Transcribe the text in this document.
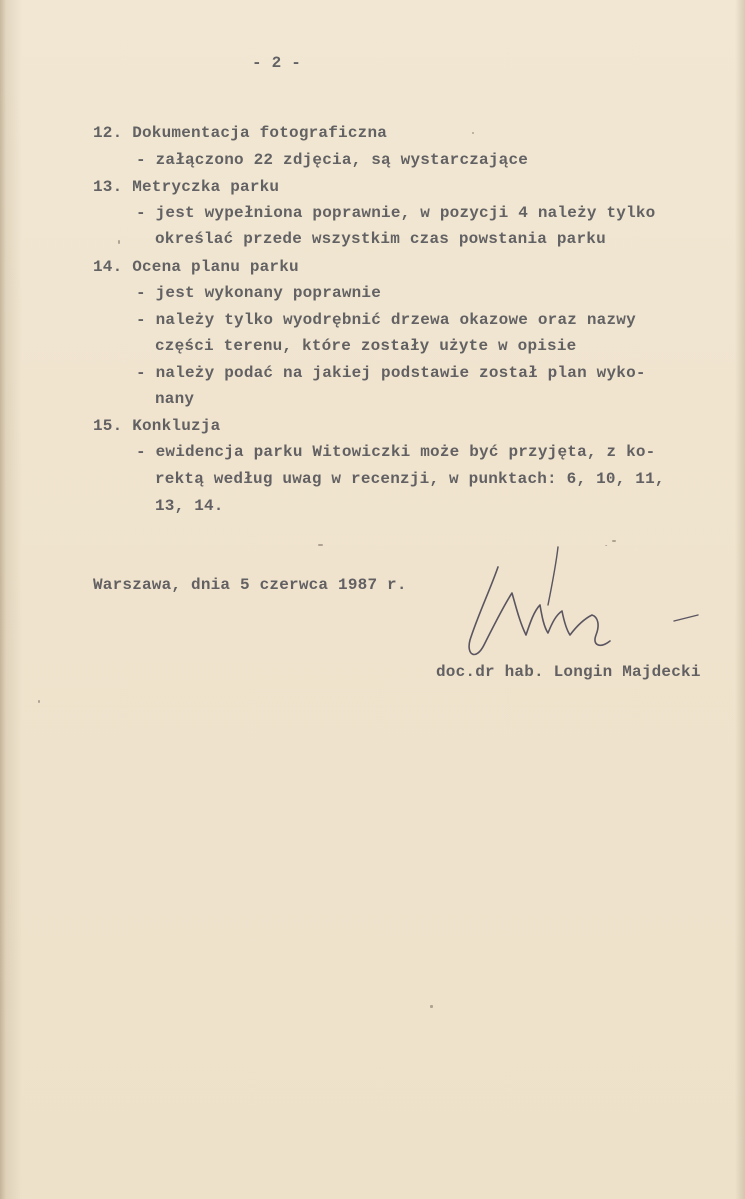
- 2 -
12. Dokumentacja fotograficzna
- załączono 22 zdjęcia, są wystarczające
13. Metryczka parku
- jest wypełniona poprawnie, w pozycji 4 należy tylko
określać przede wszystkim czas powstania parku
14. Ocena planu parku
- jest wykonany poprawnie
- należy tylko wyodrębnić drzewa okazowe oraz nazwy
części terenu, które zostały użyte w opisie
- należy podać na jakiej podstawie został plan wyko-
nany
15. Konkluzja
- ewidencja parku Witowiczki może być przyjęta, z ko-
rektą według uwag w recenzji, w punktach: 6, 10, 11,
13, 14.
Warszawa, dnia 5 czerwca 1987 r.
doc.dr hab. Longin Majdecki
